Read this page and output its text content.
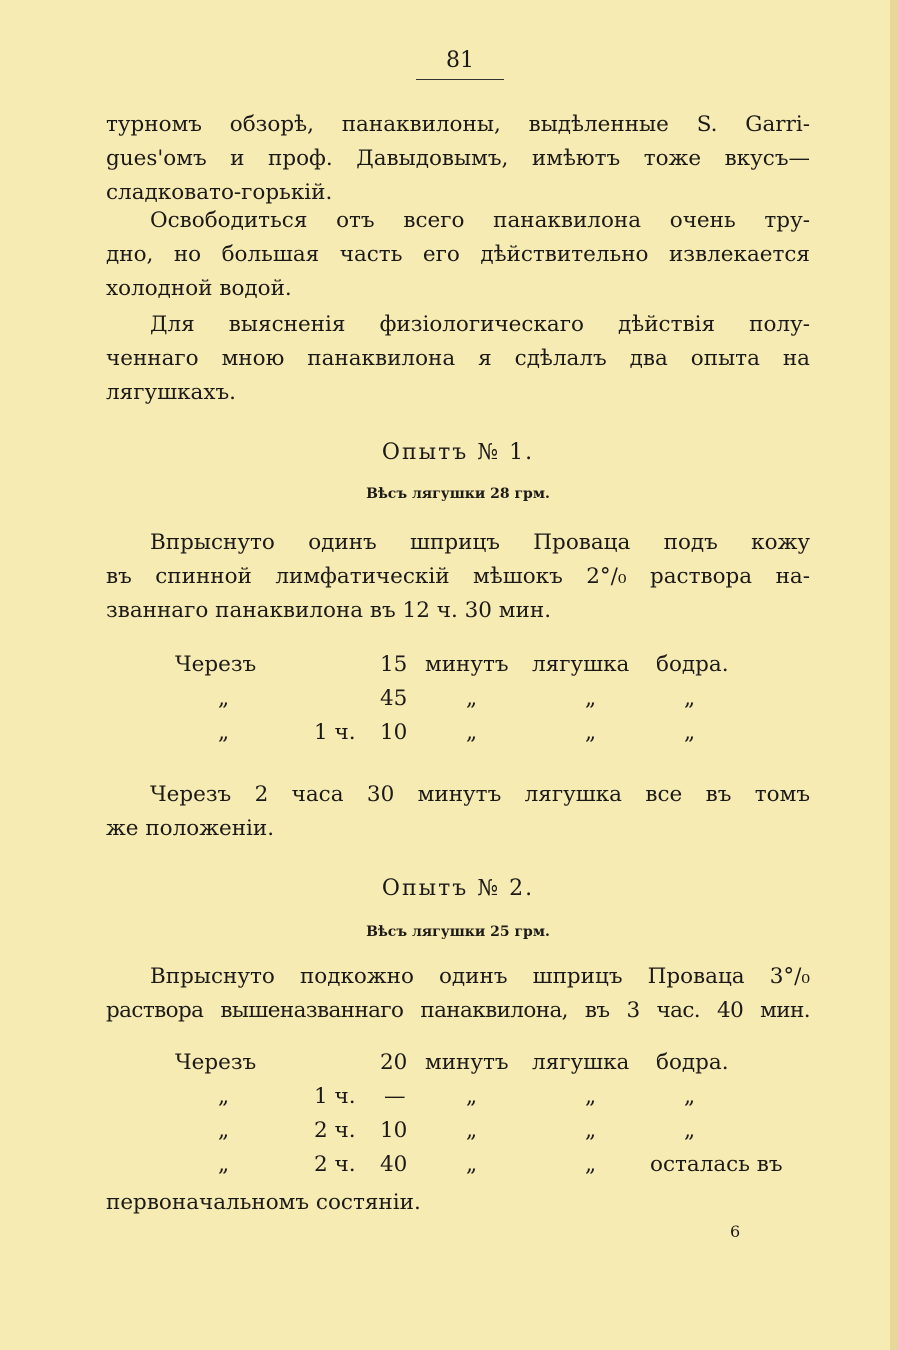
81

турномъ обзорѣ, панаквилоны, выдѣленные S. Garri-
gues'омъ и проф. Давыдовымъ, имѣютъ тоже вкусъ—
сладковато-горькій.

Освободиться отъ всего панаквилона очень тру-
дно, но большая часть его дѣйствительно извлекается
холодной водой.

Для выясненія физіологическаго дѣйствія полу-
ченнаго мною панаквилона я сдѣлалъ два опыта на
лягушкахъ.

Опытъ № 1.
Вѣсъ лягушки 28 грм.

Впрыснуто одинъ шприцъ Провацa подъ кожу
въ спинной лимфатическій мѣшокъ 2°/₀ раствора на-
званнаго панаквилона въ 12 ч. 30 мин.

Черезъ	15 минутъ лягушка бодра.
„	45	„	„	„
„	1 ч. 10	„	„	„

Черезъ 2 часа 30 минутъ лягушка все въ томъ
же положеніи.

Опытъ № 2.
Вѣсъ лягушки 25 грм.

Впрыснуто подкожно одинъ шприцъ Провацa 3°/₀
раствора вышеназваннаго панаквилона, въ 3 час. 40 мин.

Черезъ	20 минутъ лягушка бодра.
„	1 ч. —	„	„	„
„	2 ч. 10	„	„	„
„	2 ч. 40	„	„	осталась въ
первоначальномъ состяніи.
6
